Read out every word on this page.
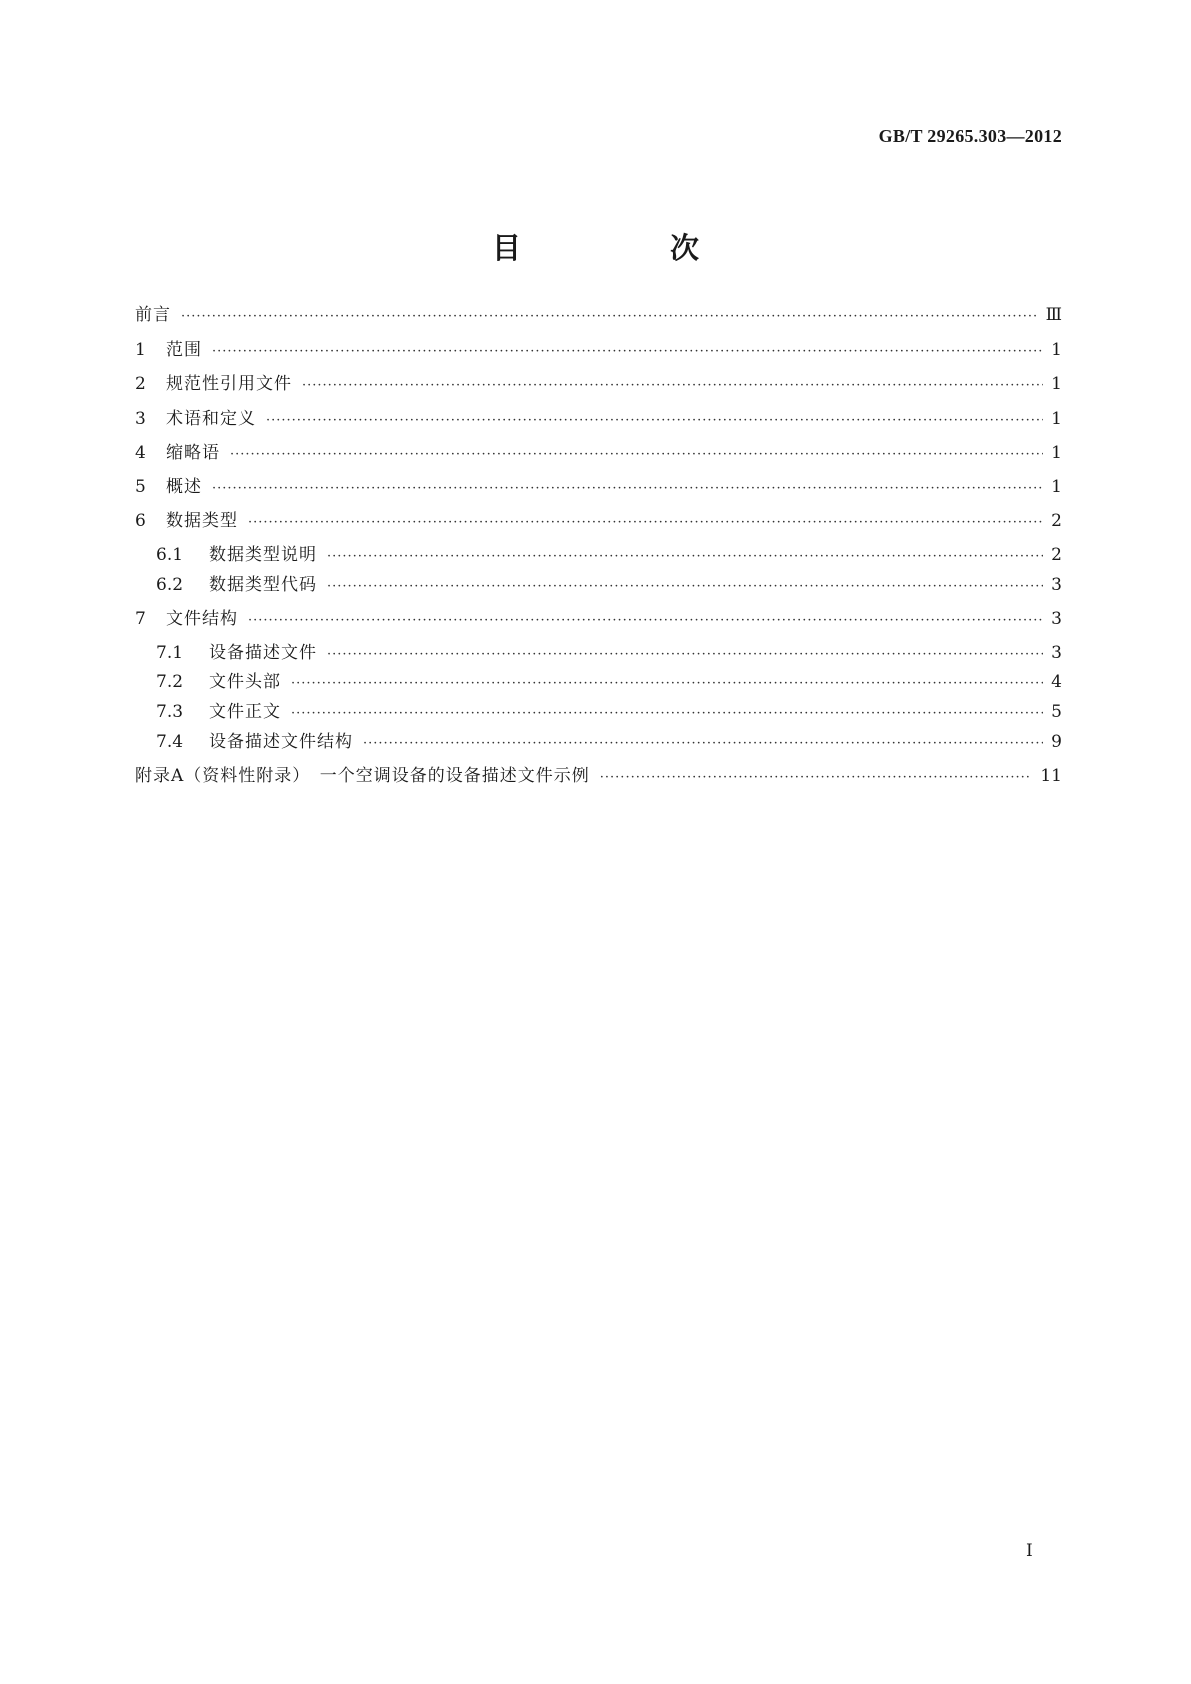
GB/T 29265.303—2012
目　次
前言 ·····	Ⅲ
1	范围 ·····	1
2	规范性引用文件 ·····	1
3	术语和定义 ·····	1
4	缩略语 ·····	1
5	概述 ·····	1
6	数据类型 ·····	2
6.1	数据类型说明 ·····	2
6.2	数据类型代码 ·····	3
7	文件结构 ·····	3
7.1	设备描述文件 ·····	3
7.2	文件头部 ·····	4
7.3	文件正文 ·····	5
7.4	设备描述文件结构 ·····	9
附录A（资料性附录）　一个空调设备的设备描述文件示例 ·····	11
I
